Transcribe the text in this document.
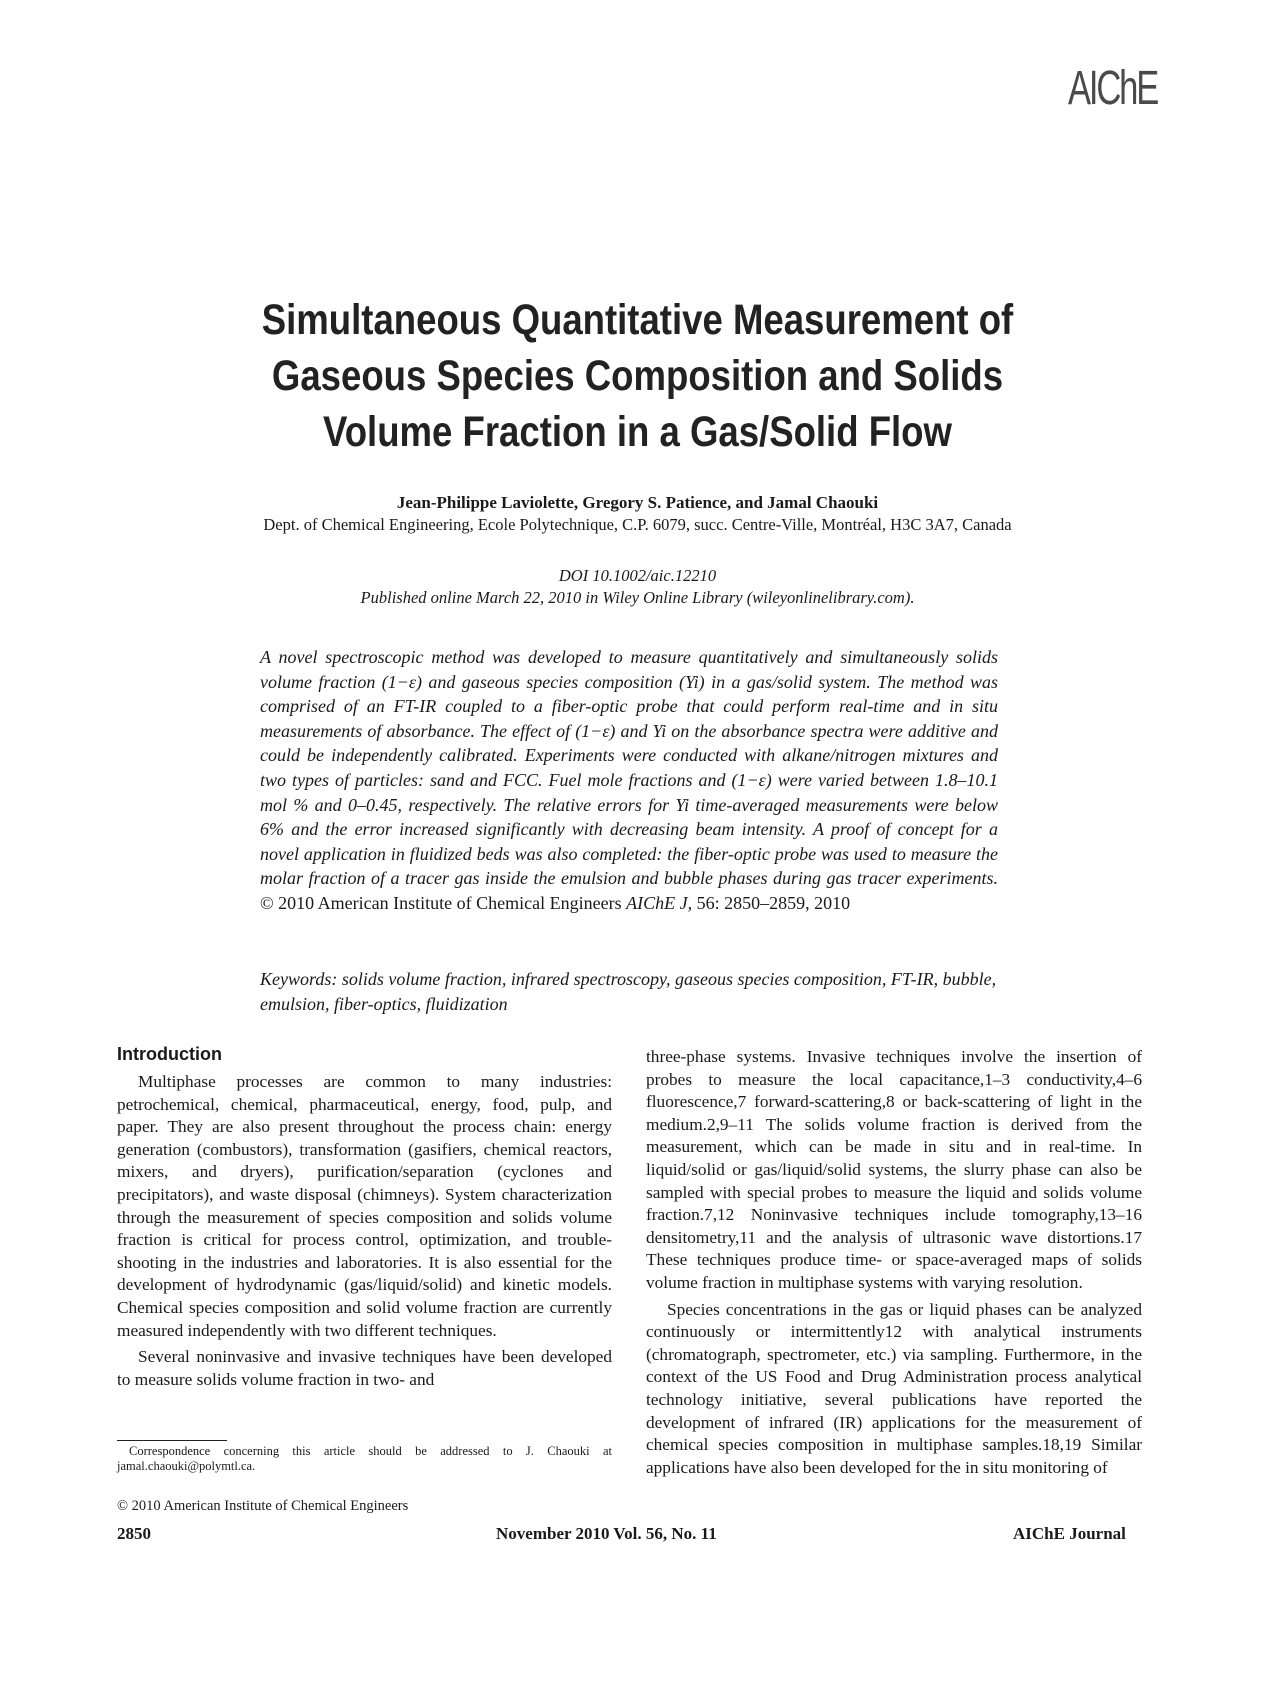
AIChE
Simultaneous Quantitative Measurement of
Gaseous Species Composition and Solids
Volume Fraction in a Gas/Solid Flow
Jean-Philippe Laviolette, Gregory S. Patience, and Jamal Chaouki
Dept. of Chemical Engineering, Ecole Polytechnique, C.P. 6079, succ. Centre-Ville, Montréal, H3C 3A7, Canada
DOI 10.1002/aic.12210
Published online March 22, 2010 in Wiley Online Library (wileyonlinelibrary.com).
A novel spectroscopic method was developed to measure quantitatively and simultaneously solids volume fraction (1−ε) and gaseous species composition (Yi) in a gas/solid system. The method was comprised of an FT-IR coupled to a fiber-optic probe that could perform real-time and in situ measurements of absorbance. The effect of (1−ε) and Yi on the absorbance spectra were additive and could be independently calibrated. Experiments were conducted with alkane/nitrogen mixtures and two types of particles: sand and FCC. Fuel mole fractions and (1−ε) were varied between 1.8–10.1 mol % and 0–0.45, respectively. The relative errors for Yi time-averaged measurements were below 6% and the error increased significantly with decreasing beam intensity. A proof of concept for a novel application in fluidized beds was also completed: the fiber-optic probe was used to measure the molar fraction of a tracer gas inside the emulsion and bubble phases during gas tracer experiments. © 2010 American Institute of Chemical Engineers AIChE J, 56: 2850–2859, 2010
Keywords: solids volume fraction, infrared spectroscopy, gaseous species composition, FT-IR, bubble, emulsion, fiber-optics, fluidization
Introduction

Multiphase processes are common to many industries: petrochemical, chemical, pharmaceutical, energy, food, pulp, and paper. They are also present throughout the process chain: energy generation (combustors), transformation (gasifiers, chemical reactors, mixers, and dryers), purification/separation (cyclones and precipitators), and waste disposal (chimneys). System characterization through the measurement of species composition and solids volume fraction is critical for process control, optimization, and trouble-shooting in the industries and laboratories. It is also essential for the development of hydrodynamic (gas/liquid/solid) and kinetic models. Chemical species composition and solid volume fraction are currently measured independently with two different techniques.

Several noninvasive and invasive techniques have been developed to measure solids volume fraction in two- and

three-phase systems. Invasive techniques involve the insertion of probes to measure the local capacitance,1–3 conductivity,4–6 fluorescence,7 forward-scattering,8 or back-scattering of light in the medium.2,9–11 The solids volume fraction is derived from the measurement, which can be made in situ and in real-time. In liquid/solid or gas/liquid/solid systems, the slurry phase can also be sampled with special probes to measure the liquid and solids volume fraction.7,12 Noninvasive techniques include tomography,13–16 densitometry,11 and the analysis of ultrasonic wave distortions.17 These techniques produce time- or space-averaged maps of solids volume fraction in multiphase systems with varying resolution.

Species concentrations in the gas or liquid phases can be analyzed continuously or intermittently12 with analytical instruments (chromatograph, spectrometer, etc.) via sampling. Furthermore, in the context of the US Food and Drug Administration process analytical technology initiative, several publications have reported the development of infrared (IR) applications for the measurement of chemical species composition in multiphase samples.18,19 Similar applications have also been developed for the in situ monitoring of

Correspondence concerning this article should be addressed to J. Chaouki at jamal.chaouki@polymtl.ca.
© 2010 American Institute of Chemical Engineers
2850	November 2010 Vol. 56, No. 11	AIChE Journal
